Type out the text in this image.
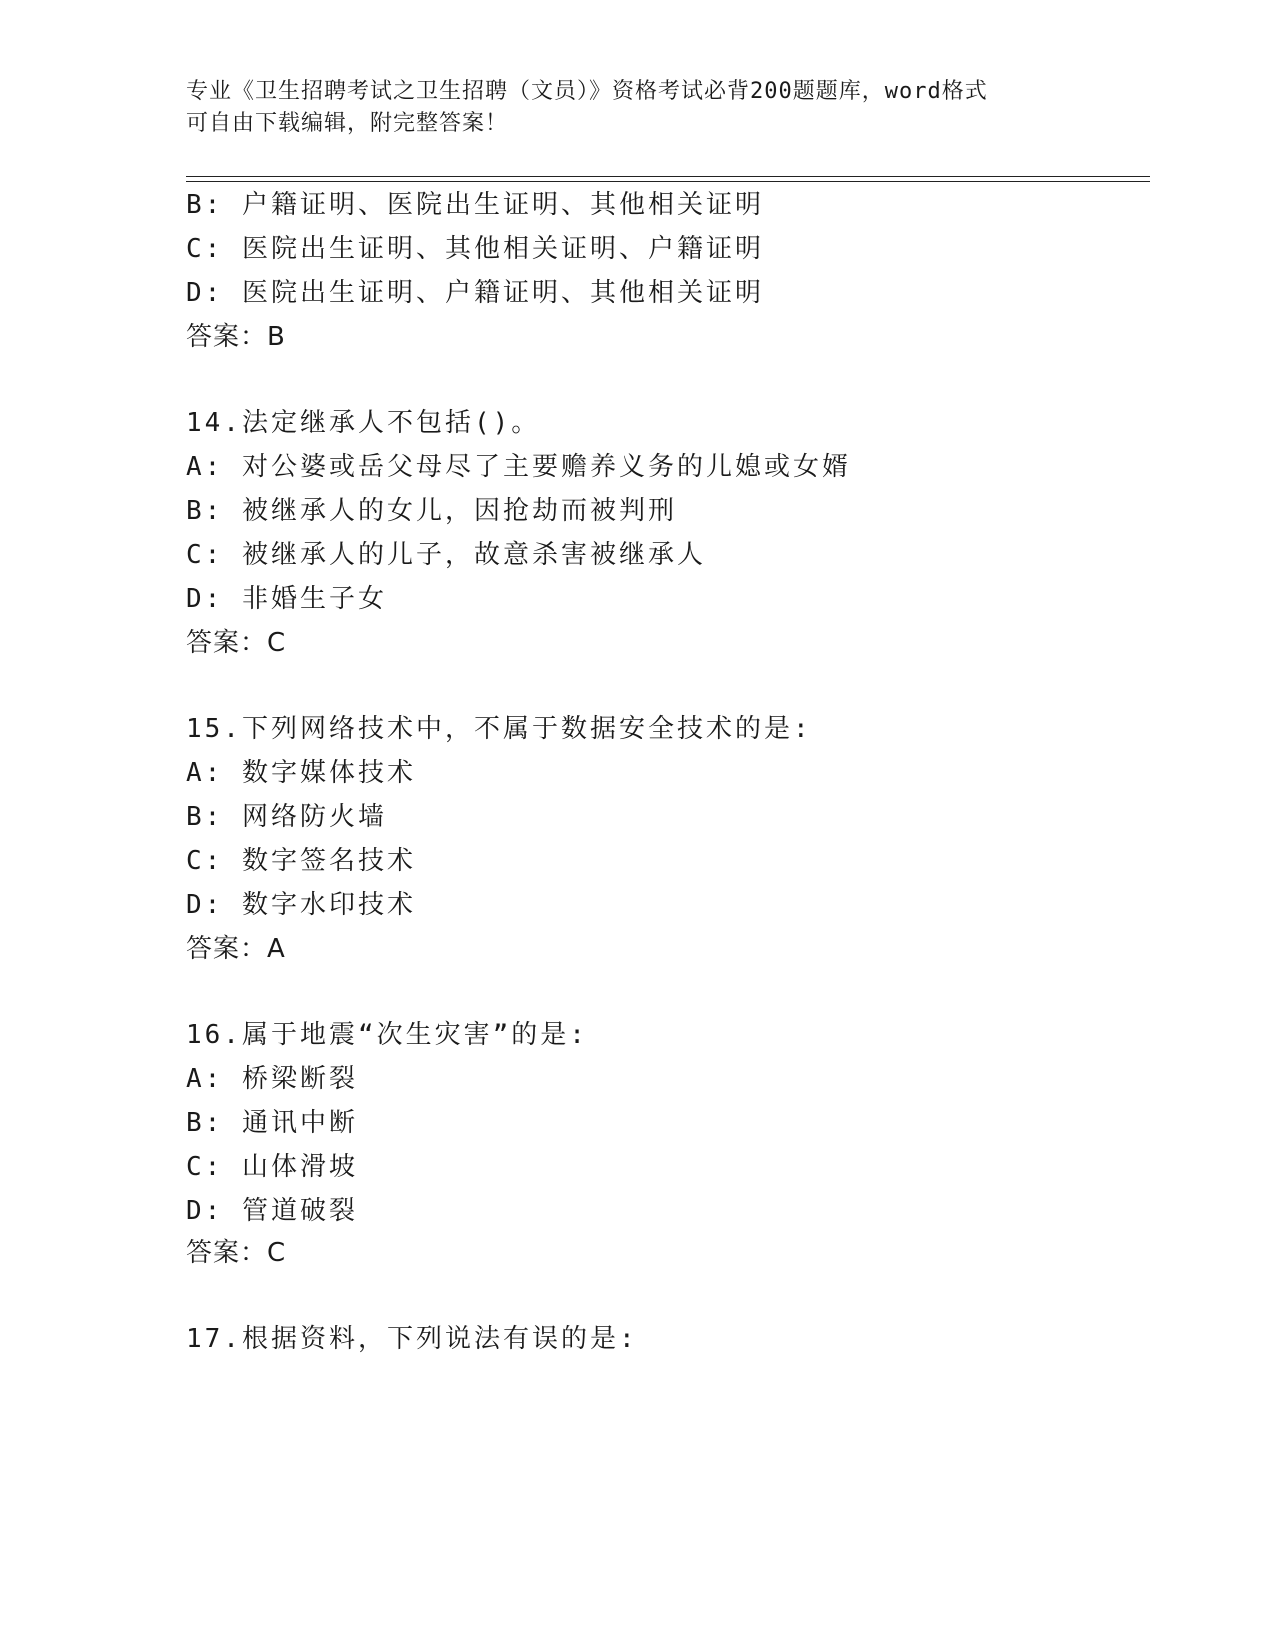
专业《卫生招聘考试之卫生招聘（文员）》资格考试必背200题题库，word格式
可自由下载编辑，附完整答案！
B: 户籍证明、医院出生证明、其他相关证明
C: 医院出生证明、其他相关证明、户籍证明
D: 医院出生证明、户籍证明、其他相关证明
答案：B
14.法定继承人不包括()。
A: 对公婆或岳父母尽了主要赡养义务的儿媳或女婿
B: 被继承人的女儿，因抢劫而被判刑
C: 被继承人的儿子，故意杀害被继承人
D: 非婚生子女
答案：C
15.下列网络技术中，不属于数据安全技术的是:
A: 数字媒体技术
B: 网络防火墙
C: 数字签名技术
D: 数字水印技术
答案：A
16.属于地震“次生灾害”的是:
A: 桥梁断裂
B: 通讯中断
C: 山体滑坡
D: 管道破裂
答案：C
17.根据资料，下列说法有误的是:
